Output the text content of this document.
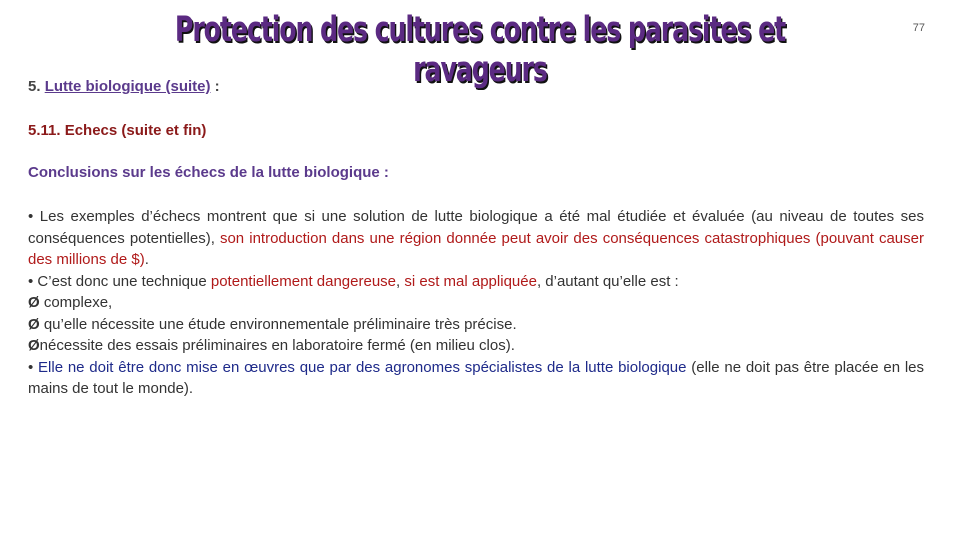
Protection des cultures contre les parasites et ravageurs
77
5. Lutte biologique (suite) :
5.11. Echecs (suite et fin)
Conclusions sur les échecs de la lutte biologique :

• Les exemples d’échecs montrent que si une solution de lutte biologique a été mal étudiée et évaluée (au niveau de toutes ses conséquences potentielles), son introduction dans une région donnée peut avoir des conséquences catastrophiques (pouvant causer des millions de $).

• C’est donc une technique potentiellement dangereuse, si est mal appliquée, d’autant qu’elle est :

Ø complexe,

Ø qu’elle nécessite une étude environnementale préliminaire très précise.

Ønécessite des essais préliminaires en laboratoire fermé (en milieu clos).

• Elle ne doit être donc mise en œuvres que par des agronomes spécialistes de la lutte biologique (elle ne doit pas être placée en les mains de tout le monde).
